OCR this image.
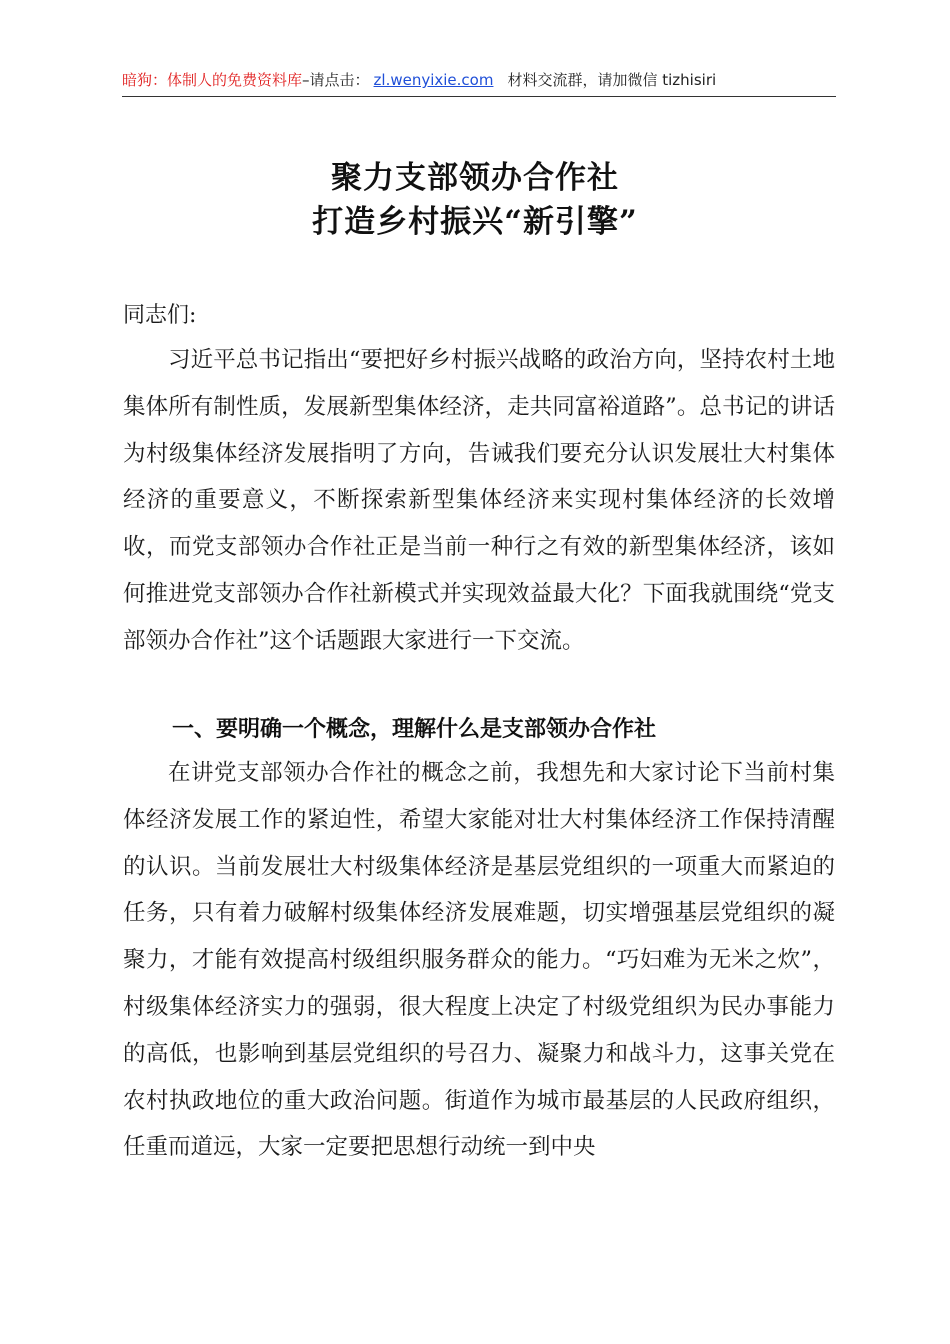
暗狗：体制人的免费资料库–请点击： zl.wenyixie.com 材料交流群，请加微信 tizhisiri
聚力支部领办合作社
打造乡村振兴“新引擎”
同志们:

习近平总书记指出“要把好乡村振兴战略的政治方向，坚持农村土地集体所有制性质，发展新型集体经济，走共同富裕道路”。总书记的讲话为村级集体经济发展指明了方向，告诫我们要充分认识发展壮大村集体经济的重要意义，不断探索新型集体经济来实现村集体经济的长效增收，而党支部领办合作社正是当前一种行之有效的新型集体经济，该如何推进党支部领办合作社新模式并实现效益最大化？下面我就围绕“党支部领办合作社”这个话题跟大家进行一下交流。

一、要明确一个概念，理解什么是支部领办合作社

在讲党支部领办合作社的概念之前，我想先和大家讨论下当前村集体经济发展工作的紧迫性，希望大家能对壮大村集体经济工作保持清醒的认识。当前发展壮大村级集体经济是基层党组织的一项重大而紧迫的任务，只有着力破解村级集体经济发展难题，切实增强基层党组织的凝聚力，才能有效提高村级组织服务群众的能力。“巧妇难为无米之炊”，村级集体经济实力的强弱，很大程度上决定了村级党组织为民办事能力的高低，也影响到基层党组织的号召力、凝聚力和战斗力，这事关党在农村执政地位的重大政治问题。街道作为城市最基层的人民政府组织，任重而道远，大家一定要把思想行动统一到中央
